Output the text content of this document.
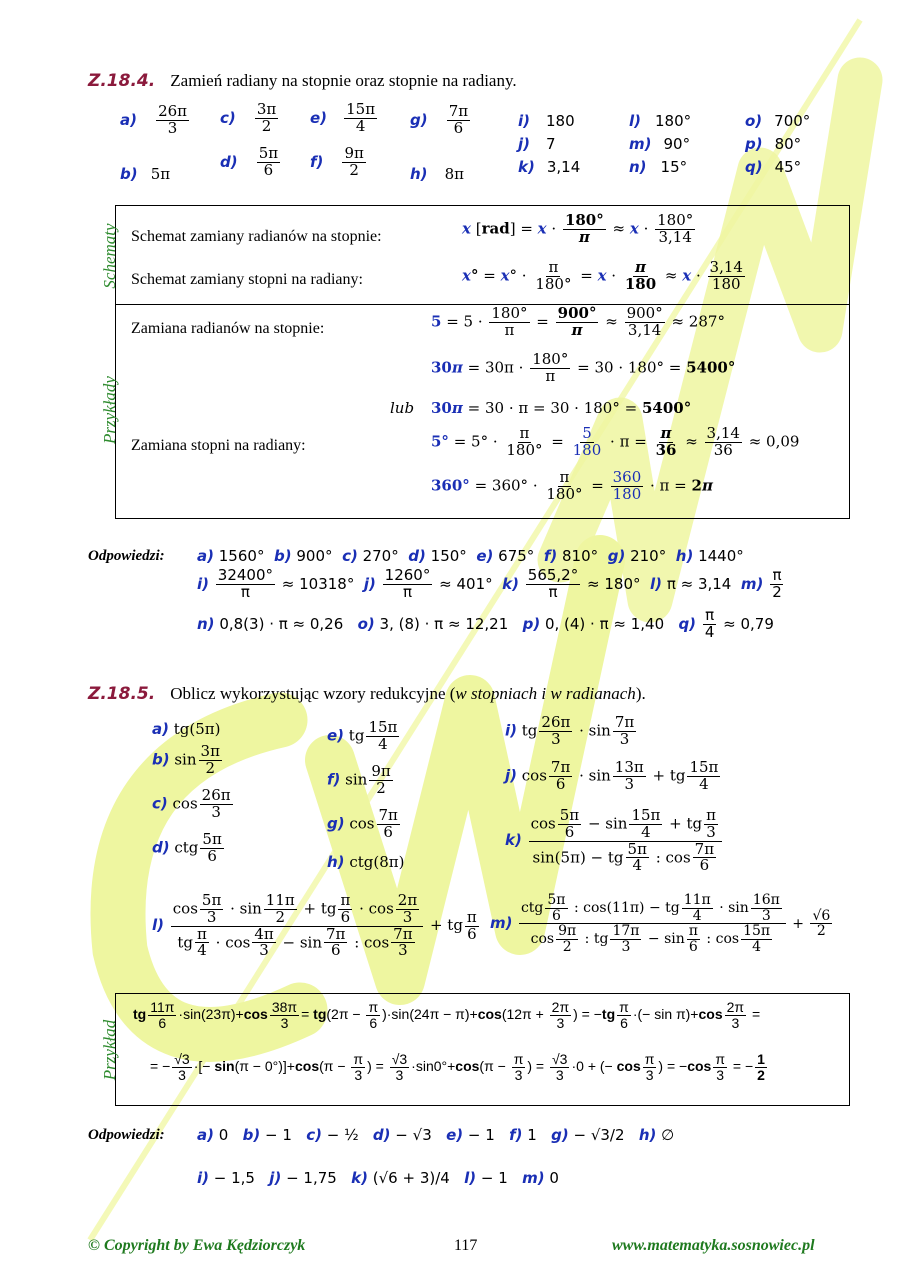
Z.18.4. Zamień radiany na stopnie oraz stopnie na radiany.
$a) \frac{26\pi}{3}$
b) 5π
$c) \frac{3\pi}{2}$
$d) \frac{5\pi}{6}$
$e) \frac{15\pi}{4}$
$f) \frac{9\pi}{2}$
$g) \frac{7\pi}{6}$
h) 8π
i) 180
j) 7
k) 3,14
l) 180°
m) 90°
n) 15°
o) 700°
p) 80°
q) 45°
Schematy
Przykłady
Schemat zamiany radianów na stopnie:	x $[rad] = x \cdot \frac{180^\circ}{\pi} \approx x \cdot \frac{180^\circ}{3,14}$
Schemat zamiany stopni na radiany:	$x^\circ = x^\circ \cdot \frac{\pi}{180^\circ} = x \cdot \frac{\pi}{180} \approx x \cdot \frac{3,14}{180}$
Zamiana radianów na stopnie:	$5 = 5 \cdot \frac{180^\circ}{\pi} = \frac{900^\circ}{\pi} \approx \frac{900^\circ}{3,14} \approx 287^\circ$
$30\pi = 30\pi \cdot \frac{180^\circ}{\pi} = 30 \cdot 180^\circ = 5400^\circ$
lub 30π = 30 · π = 30 · 180° = 5400°
Zamiana stopni na radiany:	$5^\circ = 5^\circ \cdot \frac{\pi}{180^\circ} = \frac{5}{180} \cdot \pi = \frac{\pi}{36} \approx \frac{3,14}{36} \approx 0,09$
$360^\circ = 360^\circ \cdot \frac{\pi}{180^\circ} = \frac{360}{180} \cdot \pi = 2\pi$
Odpowiedzi: a) 1560° b) 900° c) 270° d) 150° e) 675° f) 810° g) 210° h) 1440°
$i) \frac{32400^\circ}{\pi} \approx 10318^\circ$ $j) \frac{1260^\circ}{\pi} \approx 401^\circ$ $k) \frac{565,2^\circ}{\pi} \approx 180^\circ$ l) π ≈ 3,14 $m) \frac{\pi}{2}$
n) 0,8(3) · π ≈ 0,26 o) 3, (8) · π ≈ 12,21 p) 0, (4) · π ≈ 1,40 $q) \frac{\pi}{4} \approx 0,79$
Z.18.5. Oblicz wykorzystując wzory redukcyjne (w stopniach i w radianach).
a) tg(5π)
b) $\sin \frac{3\pi}{2}$
c) $\cos \frac{26\pi}{3}$
d) ctg $\frac{5\pi}{6}$
e) tg $\frac{15\pi}{4}$
f) $\sin \frac{9\pi}{2}$
g) $\cos \frac{7\pi}{6}$
h) ctg(8π)
i) tg $\frac{26\pi}{3} \cdot \sin \frac{7\pi}{3}$
j) $\cos \frac{7\pi}{6} \cdot \sin \frac{13\pi}{3}$ + tg $\frac{15\pi}{4}$
$k) \frac{\cos \frac{5\pi}{6} - \sin \frac{15\pi}{4} + tg \frac{\pi}{3}}{\sin(5\pi) - tg \frac{5\pi}{4} : \cos \frac{7\pi}{6}}$
$l) \frac{\cos \frac{5\pi}{3} \cdot \sin \frac{11\pi}{2} + tg \frac{\pi}{6} \cdot \cos \frac{2\pi}{3}}{tg \frac{\pi}{4} \cdot \cos \frac{4\pi}{3} - \sin \frac{7\pi}{6} : \cos \frac{7\pi}{3}}$ + tg $\frac{\pi}{6} m) \frac{ctg \frac{5\pi}{6} : \cos(11\pi) - tg \frac{11\pi}{4} \cdot \sin \frac{16\pi}{3}}{\cos \frac{9\pi}{2} : tg \frac{17\pi}{3} - \sin \frac{\pi}{6} : \cos \frac{15\pi}{4}} + \frac{√6}{2}$
Przykład
tg $\frac{11\pi}{6} \cdot\sin(23\pi)+\cos \frac{38\pi}{3} = tg(2\pi - \frac{\pi}{6} )\cdot\sin(24\pi - \pi)+\cos(12\pi + \frac{2\pi}{3}$ ) = $-tg \frac{\pi}{6}$ ·(− $\sin \pi)+\cos \frac{2\pi}{3}$ =
= − $\frac{√3}{3}$ ·[− $\sin(\pi - 0^\circ)]+\cos(\pi - \frac{\pi}{3}$ ) = $\frac{√3}{3} \cdot\sin 0^\circ+\cos(\pi - \frac{\pi}{3}$ ) = $\frac{√3}{3} \cdot 0$ + (− $\cos \frac{\pi}{3}$ ) = $-\cos \frac{\pi}{3}$ = − $\frac{1}{2}$
Odpowiedzi: a) 0 b) − 1 c) − ½ d) − √3 e) − 1 f) 1 g) − √3/2 h) ∅
i) − 1,5 j) − 1,75 k) (√6 + 3)/4 l) − 1 m) 0
© Copyright by Ewa Kędziorczyk	117	www.matematyka.sosnowiec.pl
